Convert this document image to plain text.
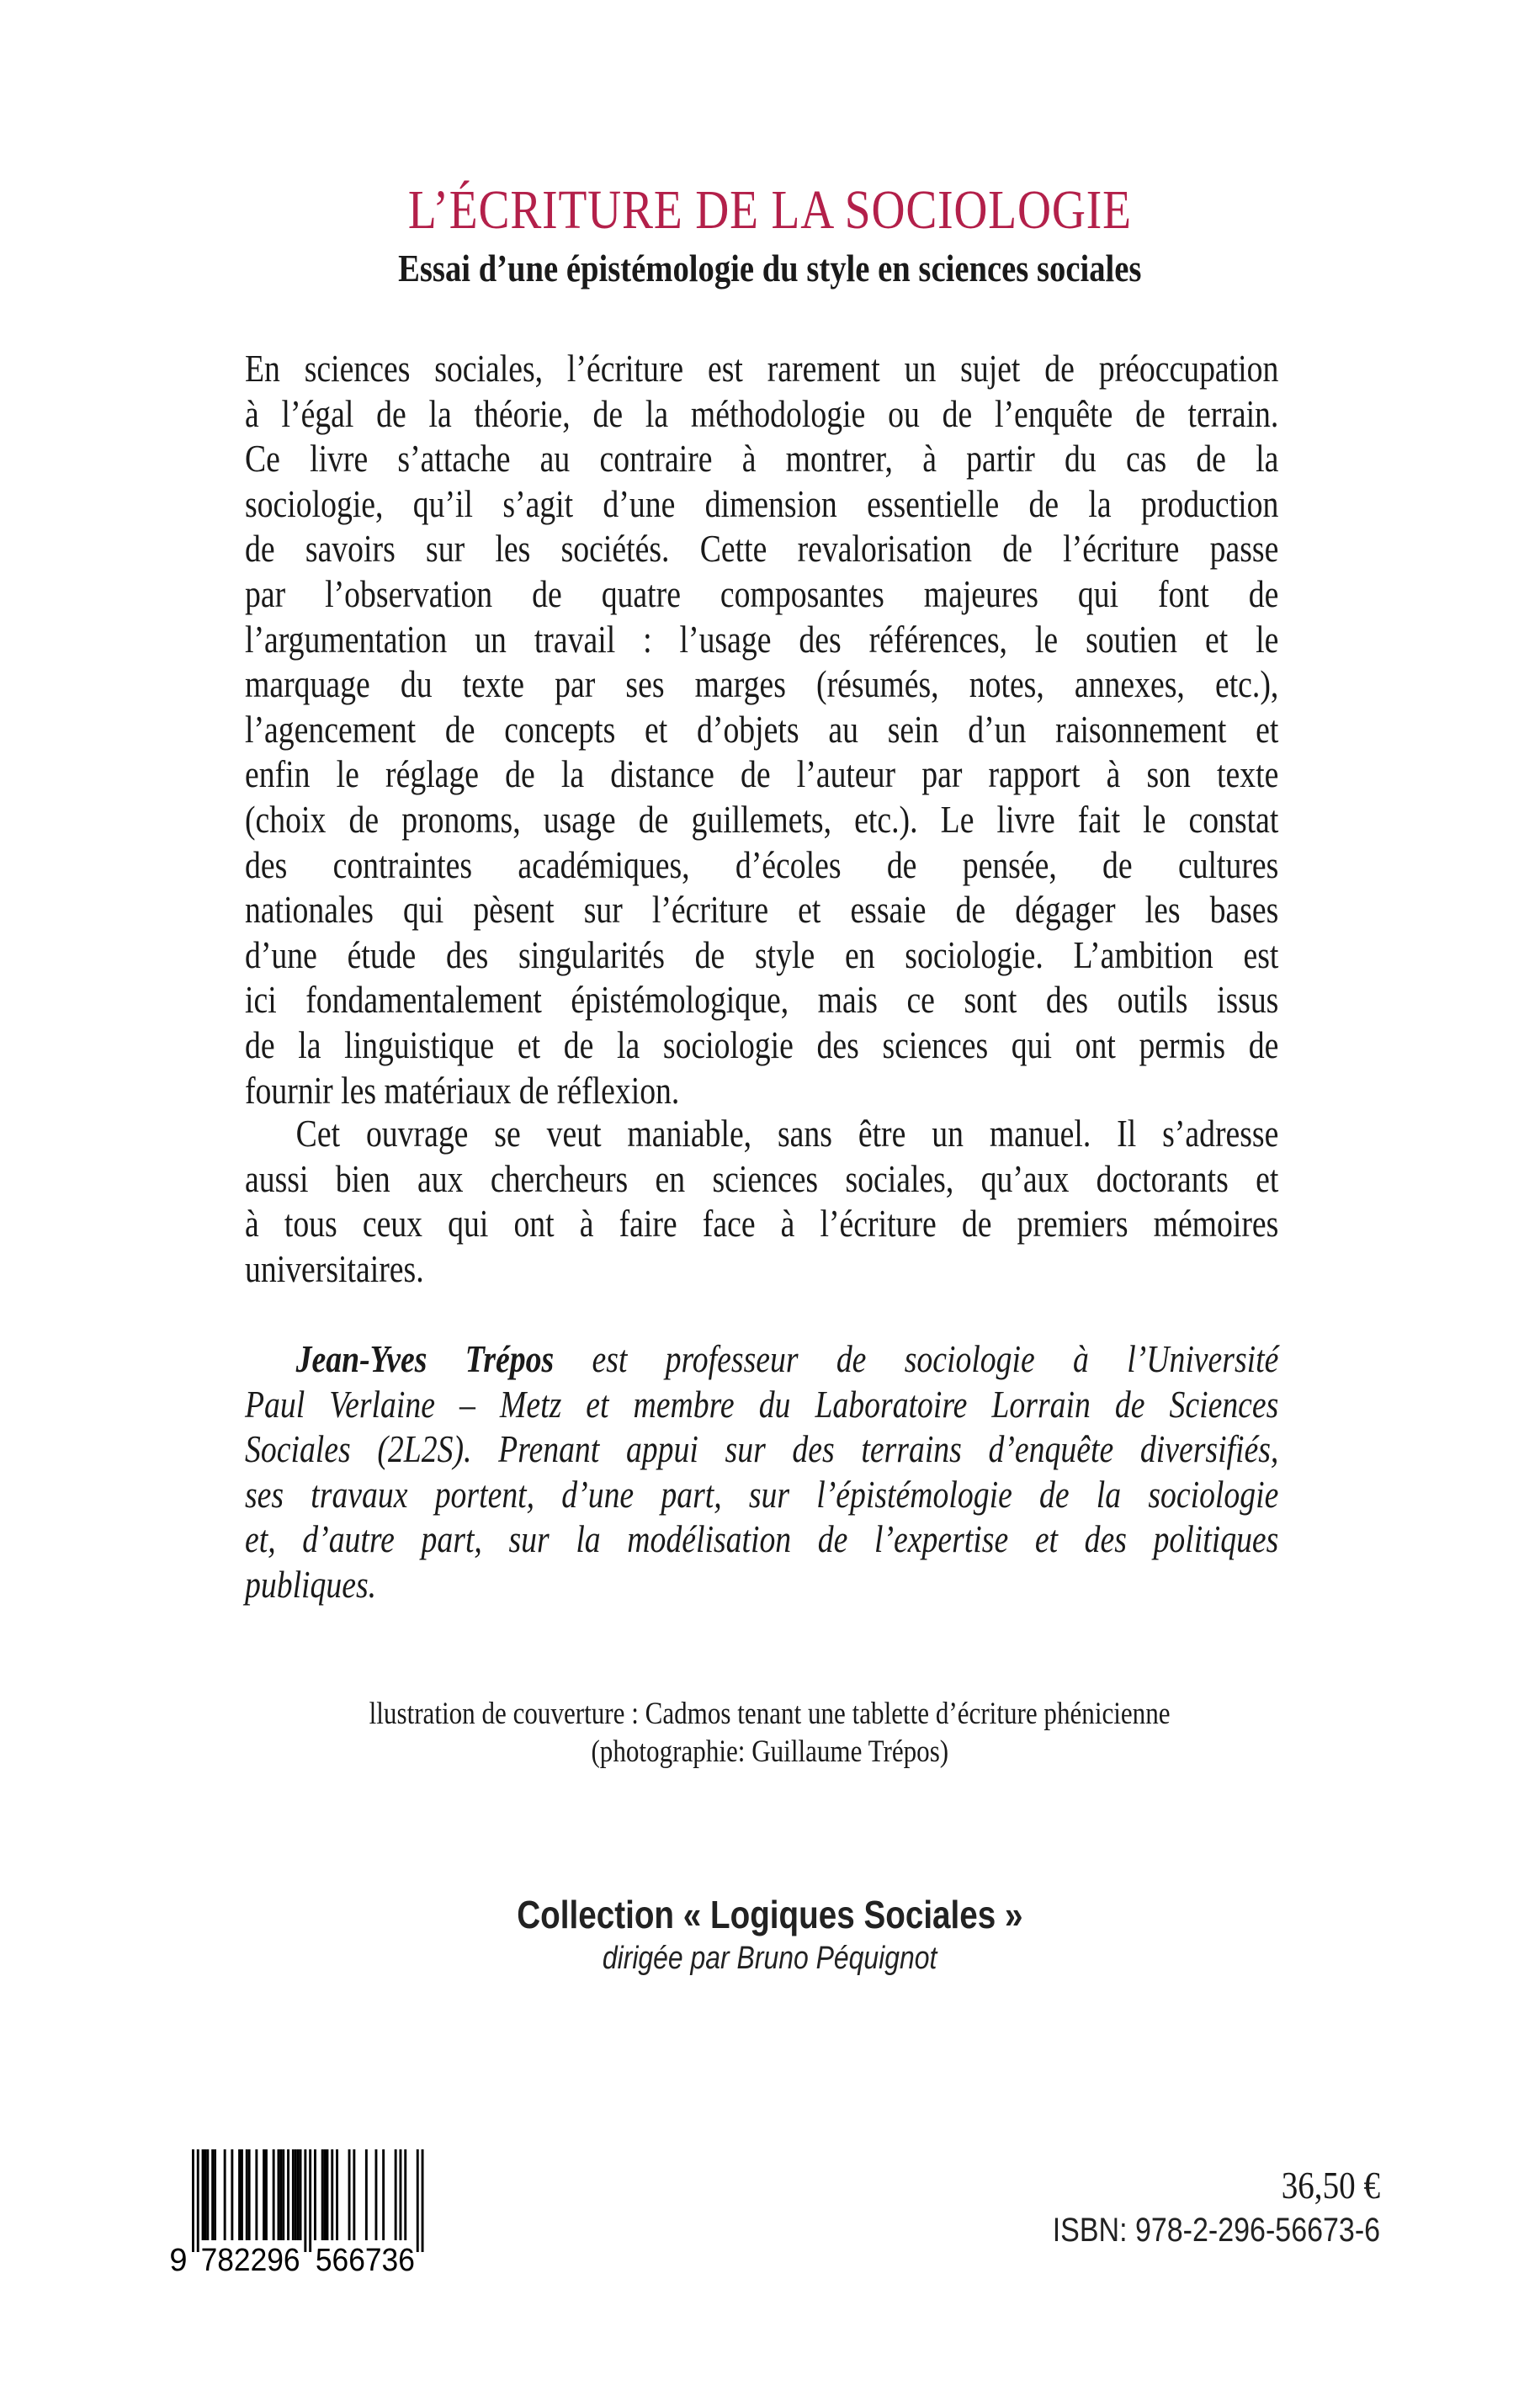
L’ÉCRITURE DE LA SOCIOLOGIE
Essai d’une épistémologie du style en sciences sociales
En sciences sociales, l’écriture est rarement un sujet de préoccupation
à l’égal de la théorie, de la méthodologie ou de l’enquête de terrain.
Ce livre s’attache au contraire à montrer, à partir du cas de la
sociologie, qu’il s’agit d’une dimension essentielle de la production
de savoirs sur les sociétés. Cette revalorisation de l’écriture passe
par l’observation de quatre composantes majeures qui font de
l’argumentation un travail : l’usage des références, le soutien et le
marquage du texte par ses marges (résumés, notes, annexes, etc.),
l’agencement de concepts et d’objets au sein d’un raisonnement et
enfin le réglage de la distance de l’auteur par rapport à son texte
(choix de pronoms, usage de guillemets, etc.). Le livre fait le constat
des contraintes académiques, d’écoles de pensée, de cultures
nationales qui pèsent sur l’écriture et essaie de dégager les bases
d’une étude des singularités de style en sociologie. L’ambition est
ici fondamentalement épistémologique, mais ce sont des outils issus
de la linguistique et de la sociologie des sciences qui ont permis de
fournir les matériaux de réflexion.
Cet ouvrage se veut maniable, sans être un manuel. Il s’adresse
aussi bien aux chercheurs en sciences sociales, qu’aux doctorants et
à tous ceux qui ont à faire face à l’écriture de premiers mémoires
universitaires.
Jean-Yves Trépos est professeur de sociologie à l’Université
Paul Verlaine – Metz et membre du Laboratoire Lorrain de Sciences
Sociales (2L2S). Prenant appui sur des terrains d’enquête diversifiés,
ses travaux portent, d’une part, sur l’épistémologie de la sociologie
et, d’autre part, sur la modélisation de l’expertise et des politiques
publiques.
llustration de couverture : Cadmos tenant une tablette d’écriture phénicienne
(photographie: Guillaume Trépos)
Collection « Logiques Sociales »
dirigée par Bruno Péquignot
9 782296 566736
36,50 €
ISBN: 978-2-296-56673-6
